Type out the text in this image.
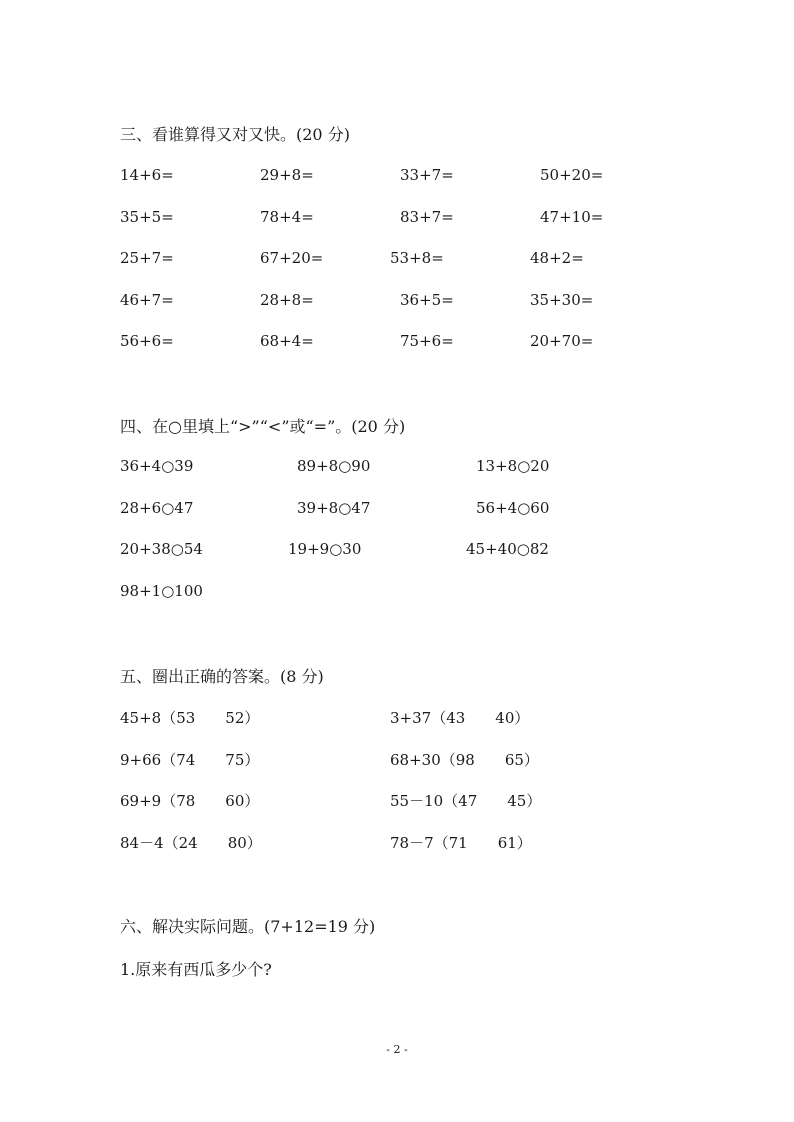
三、看谁算得又对又快。(20 分)
14+6=	29+8=	33+7=	50+20=
35+5=	78+4=	83+7=	47+10=
25+7=	67+20=	53+8=	48+2=
46+7=	28+8=	36+5=	35+30=
56+6=	68+4=	75+6=	20+70=
四、在○里填上“>”“<”或“=”。(20 分)
36+4○39	89+8○90	13+8○20
28+6○47	39+8○47	56+4○60
20+38○54	19+9○30	45+40○82
98+1○100
五、圈出正确的答案。(8 分)
45+8（53　　52）	3+37（43　　40）
9+66（74　　75）	68+30（98　　65）
69+9（78　　60）	55－10（47　　45）
84－4（24　　80）	78－7（71　　61）
六、解决实际问题。(7+12=19 分)
1.原来有西瓜多少个?
- 2 -
